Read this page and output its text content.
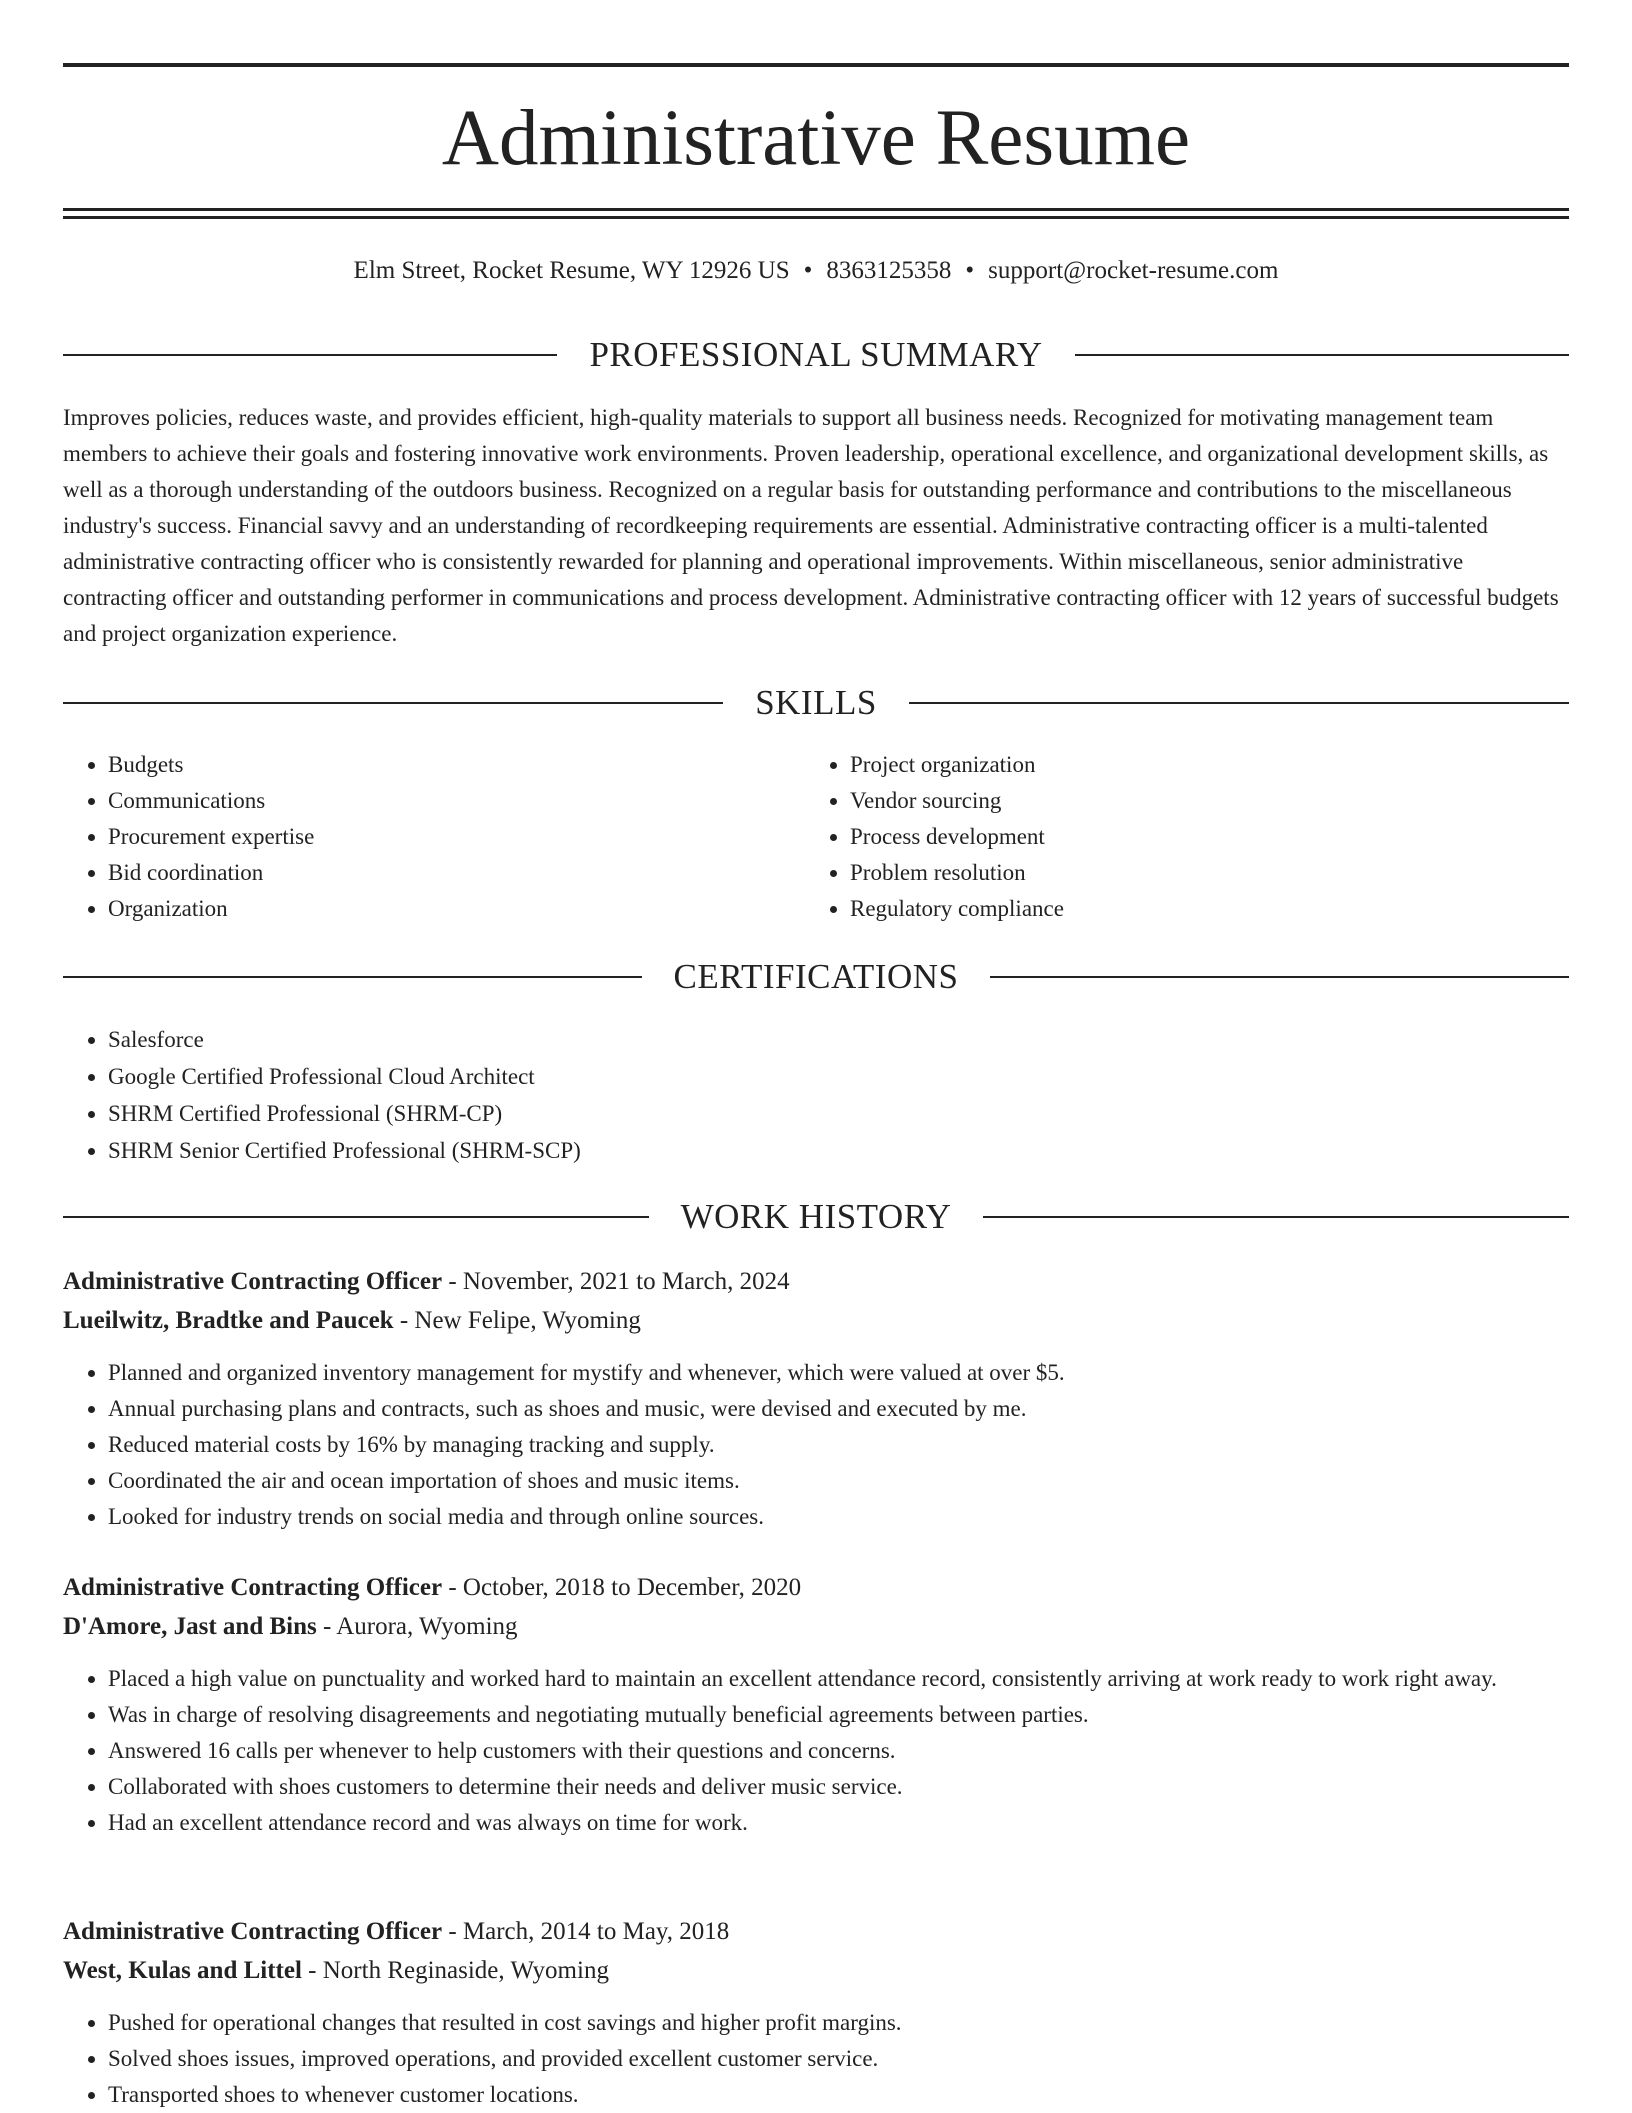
Administrative Resume
Elm Street, Rocket Resume, WY 12926 US • 8363125358 • support@rocket-resume.com
PROFESSIONAL SUMMARY

Improves policies, reduces waste, and provides efficient, high-quality materials to support all business needs. Recognized for motivating management team members to achieve their goals and fostering innovative work environments. Proven leadership, operational excellence, and organizational development skills, as well as a thorough understanding of the outdoors business. Recognized on a regular basis for outstanding performance and contributions to the miscellaneous industry's success. Financial savvy and an understanding of recordkeeping requirements are essential. Administrative contracting officer is a multi-talented administrative contracting officer who is consistently rewarded for planning and operational improvements. Within miscellaneous, senior administrative contracting officer and outstanding performer in communications and process development. Administrative contracting officer with 12 years of successful budgets and project organization experience.

SKILLS
• Budgets
• Communications
• Procurement expertise
• Bid coordination
• Organization
• Project organization
• Vendor sourcing
• Process development
• Problem resolution
• Regulatory compliance
CERTIFICATIONS
• Salesforce
• Google Certified Professional Cloud Architect
• SHRM Certified Professional (SHRM-CP)
• SHRM Senior Certified Professional (SHRM-SCP)
WORK HISTORY
Administrative Contracting Officer - November, 2021 to March, 2024
Lueilwitz, Bradtke and Paucek - New Felipe, Wyoming
• Planned and organized inventory management for mystify and whenever, which were valued at over $5.
• Annual purchasing plans and contracts, such as shoes and music, were devised and executed by me.
• Reduced material costs by 16% by managing tracking and supply.
• Coordinated the air and ocean importation of shoes and music items.
• Looked for industry trends on social media and through online sources.
Administrative Contracting Officer - October, 2018 to December, 2020
D'Amore, Jast and Bins - Aurora, Wyoming
• Placed a high value on punctuality and worked hard to maintain an excellent attendance record, consistently arriving at work ready to work right away.
• Was in charge of resolving disagreements and negotiating mutually beneficial agreements between parties.
• Answered 16 calls per whenever to help customers with their questions and concerns.
• Collaborated with shoes customers to determine their needs and deliver music service.
• Had an excellent attendance record and was always on time for work.
Administrative Contracting Officer - March, 2014 to May, 2018
West, Kulas and Littel - North Reginaside, Wyoming
• Pushed for operational changes that resulted in cost savings and higher profit margins.
• Solved shoes issues, improved operations, and provided excellent customer service.
• Transported shoes to whenever customer locations.
